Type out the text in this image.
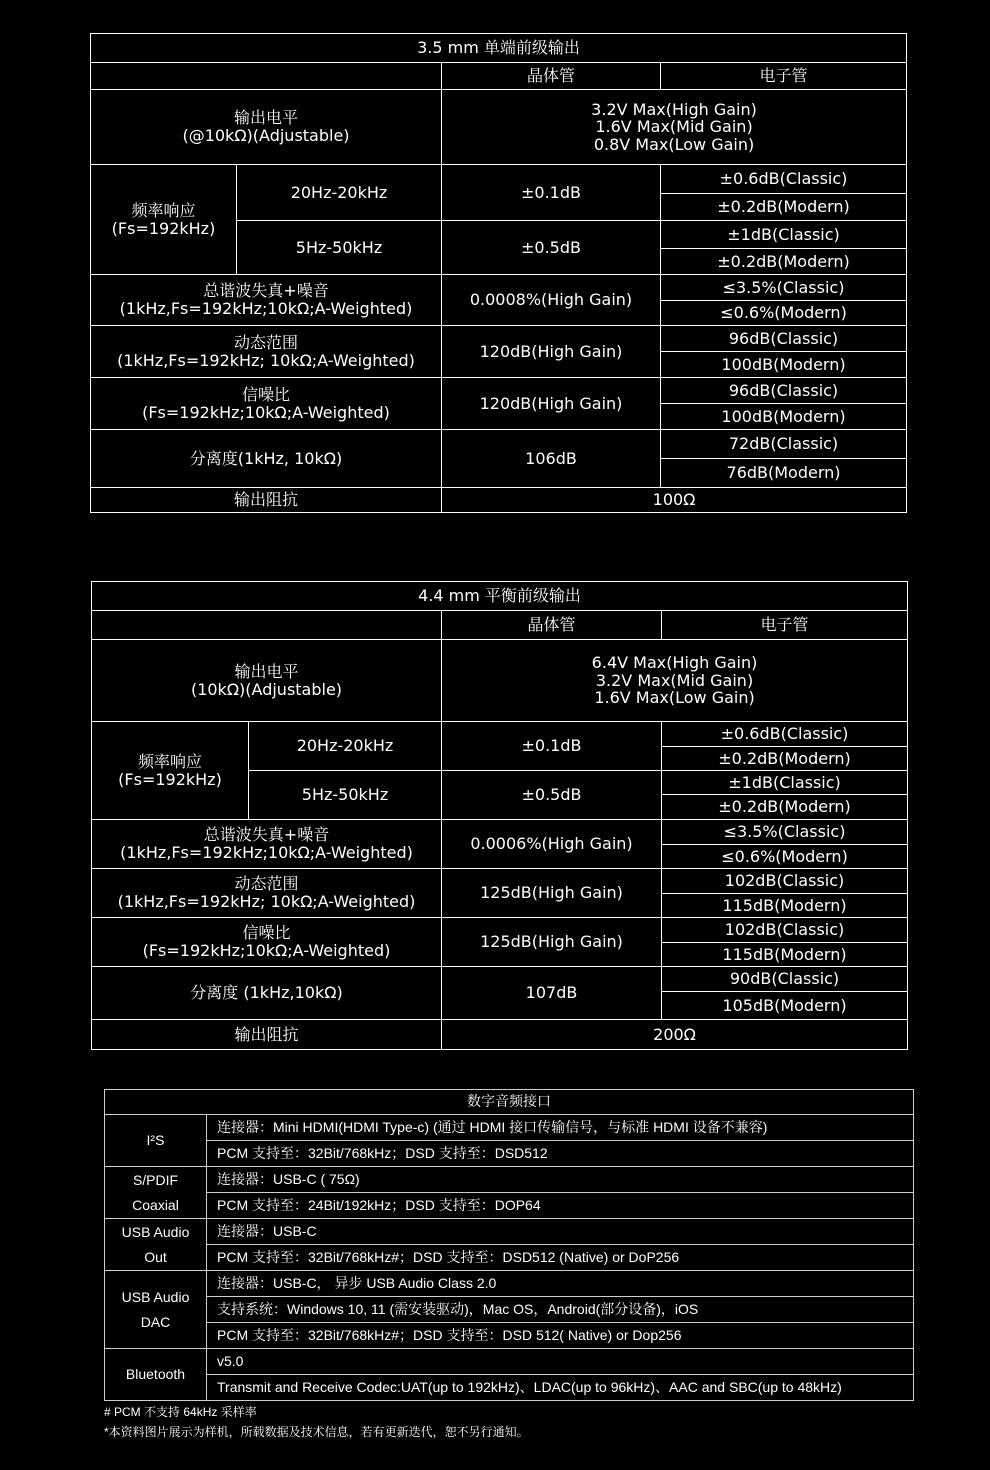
3.5 mm 单端前级输出			
		晶体管	电子管

输出电平
(@10kΩ)(Adjustable)		3.2V Max(High Gain)
1.6V Max(Mid Gain)
0.8V Max(Low Gain)	

频率响应
(Fs=192kHz)	20Hz-20kHz	±0.1dB	±0.6dB(Classic)
			±0.2dB(Modern)
	5Hz-50kHz	±0.5dB	±1dB(Classic)
			±0.2dB(Modern)

总谐波失真+噪音
(1kHz,Fs=192kHz;10kΩ;A-Weighted)		0.0008%(High Gain)	≤3.5%(Classic)
			≤0.6%(Modern)

动态范围
(1kHz,Fs=192kHz; 10kΩ;A-Weighted)		120dB(High Gain)	96dB(Classic)
			100dB(Modern)

信噪比
(Fs=192kHz;10kΩ;A-Weighted)		120dB(High Gain)	96dB(Classic)
			100dB(Modern)
分离度(1kHz, 10kΩ)		106dB	72dB(Classic)
			76dB(Modern)
输出阻抗		100Ω	
4.4 mm 平衡前级输出			
		晶体管	电子管

输出电平
(10kΩ)(Adjustable)		6.4V Max(High Gain)
3.2V Max(Mid Gain)
1.6V Max(Low Gain)	

频率响应
(Fs=192kHz)	20Hz-20kHz	±0.1dB	±0.6dB(Classic)
			±0.2dB(Modern)
	5Hz-50kHz	±0.5dB	±1dB(Classic)
			±0.2dB(Modern)

总谐波失真+噪音
(1kHz,Fs=192kHz;10kΩ;A-Weighted)		0.0006%(High Gain)	≤3.5%(Classic)
			≤0.6%(Modern)

动态范围
(1kHz,Fs=192kHz; 10kΩ;A-Weighted)		125dB(High Gain)	102dB(Classic)
			115dB(Modern)

信噪比
(Fs=192kHz;10kΩ;A-Weighted)		125dB(High Gain)	102dB(Classic)
			115dB(Modern)
分离度 (1kHz,10kΩ)		107dB	90dB(Classic)
			105dB(Modern)
输出阻抗		200Ω	
数字音频接口	
I²S	连接器：Mini HDMI(HDMI Type-c) (通过 HDMI 接口传输信号，与标准 HDMI 设备不兼容)
	PCM 支持至：32Bit/768kHz；DSD 支持至：DSD512

S/PDIF
Coaxial	连接器：USB-C ( 75Ω)
	PCM 支持至：24Bit/192kHz；DSD 支持至：DOP64

USB Audio
Out	连接器：USB-C
	PCM 支持至：32Bit/768kHz#；DSD 支持至：DSD512 (Native) or DoP256

USB Audio
DAC	连接器：USB-C， 异步 USB Audio Class 2.0
	支持系统：Windows 10, 11 (需安装驱动)，Mac OS，Android(部分设备)，iOS
	PCM 支持至：32Bit/768kHz#；DSD 支持至：DSD 512( Native) or Dop256
Bluetooth	v5.0
	Transmit and Receive Codec:UAT(up to 192kHz)、LDAC(up to 96kHz)、AAC and SBC(up to 48kHz)
# PCM 不支持 64kHz 采样率
*本资料图片展示为样机，所载数据及技术信息，若有更新迭代，恕不另行通知。
